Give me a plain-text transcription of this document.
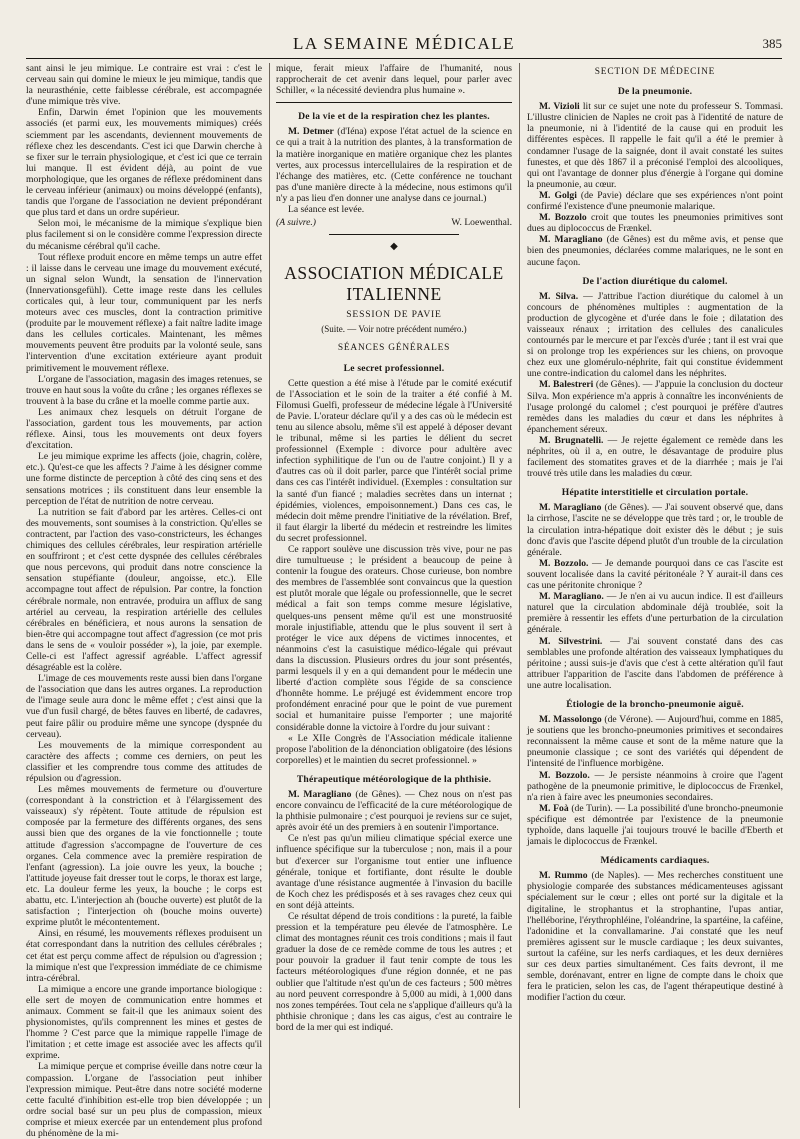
LA SEMAINE MÉDICALE	385

sant ainsi le jeu mimique. Le contraire est vrai : c'est le cerveau sain qui domine le mieux le jeu mimique, tandis que la neurasthénie, cette faiblesse cérébrale, est accompagnée d'une mimique très vive.

Enfin, Darwin émet l'opinion que les mouvements associés (et parmi eux, les mouvements mimiques) créés sciemment par les ascendants, deviennent mouvements de réflexe chez les descendants. C'est ici que Darwin cherche à se fixer sur le terrain physiologique, et c'est ici que ce terrain lui manque. Il est évident déjà, au point de vue morphologique, que les organes de réflexe prédominent dans le cerveau inférieur (animaux) ou moins développé (enfants), tandis que l'organe de l'association ne devient prépondérant que plus tard et dans un ordre supérieur.

Selon moi, le mécanisme de la mimique s'explique bien plus facilement si on le considère comme l'expression directe du mécanisme cérébral qu'il cache.

Tout réflexe produit encore en même temps un autre effet : il laisse dans le cerveau une image du mouvement exécuté, un signal selon Wundt, la sensation de l'innervation (Innervationsgefühl). Cette image reste dans les cellules corticales qui, à leur tour, communiquent par les nerfs moteurs avec ces muscles, dont la contraction primitive (produite par le mouvement réflexe) a fait naître ladite image dans les cellules corticales. Maintenant, les mêmes mouvements peuvent être produits par la volonté seule, sans l'intervention d'une excitation extérieure ayant produit primitivement le mouvement réflexe.

L'organe de l'association, magasin des images retenues, se trouve en haut sous la voûte du crâne ; les organes réflexes se trouvent à la base du crâne et la moelle comme partie aux.

Les animaux chez lesquels on détruit l'organe de l'association, gardent tous les mouvements, par action réflexe. Ainsi, tous les mouvements ont deux foyers d'excitation.

Le jeu mimique exprime les affects (joie, chagrin, colère, etc.). Qu'est-ce que les affects ? J'aime à les désigner comme une forme distincte de perception à côté des cinq sens et des sensations motrices ; ils constituent dans leur ensemble la perception de l'état de nutrition de notre cerveau.

La nutrition se fait d'abord par les artères. Celles-ci ont des mouvements, sont soumises à la constriction. Qu'elles se contractent, par l'action des vaso-constricteurs, les échanges chimiques des cellules cérébrales, leur respiration artérielle en souffriront ; et c'est cette dyspnée des cellules cérébrales que nous percevons, qui produit dans notre conscience la sensation stupéfiante (douleur, angoisse, etc.). Elle accompagne tout affect de répulsion. Par contre, la fonction cérébrale normale, non entravée, produira un afflux de sang artériel au cerveau, la respiration artérielle des cellules cérébrales en bénéficiera, et nous aurons la sensation de bien-être qui accompagne tout affect d'agression (ce mot pris dans le sens de « vouloir posséder »), la joie, par exemple. Celle-ci est l'affect agressif agréable. L'affect agressif désagréable est la colère.

L'image de ces mouvements reste aussi bien dans l'organe de l'association que dans les autres organes. La reproduction de l'image seule aura donc le même effet ; c'est ainsi que la vue d'un fusil chargé, de bêtes fauves en liberté, de cadavres, peut faire pâlir ou produire même une syncope (dyspnée du cerveau).

Les mouvements de la mimique correspondent au caractère des affects ; comme ces derniers, on peut les classifier et les comprendre tous comme des attitudes de répulsion ou d'agression.

Les mêmes mouvements de fermeture ou d'ouverture (correspondant à la constriction et à l'élargissement des vaisseaux) s'y répètent. Toute attitude de répulsion est composée par la fermeture des différents organes, des sens aussi bien que des organes de la vie fonctionnelle ; toute attitude d'agression s'accompagne de l'ouverture de ces organes. Cela commence avec la première respiration de l'enfant (agression). La joie ouvre les yeux, la bouche ; l'attitude joyeuse fait dresser tout le corps, le thorax est large, etc. La douleur ferme les yeux, la bouche ; le corps est abattu, etc. L'interjection ah (bouche ouverte) est plutôt de la satisfaction ; l'interjection oh (bouche moins ouverte) exprime plutôt le mécontentement.

Ainsi, en résumé, les mouvements réflexes produisent un état correspondant dans la nutrition des cellules cérébrales ; cet état est perçu comme affect de répulsion ou d'agression ; la mimique n'est que l'expression immédiate de ce chimisme intra-cérébral.

La mimique a encore une grande importance biologique : elle sert de moyen de communication entre hommes et animaux. Comment se fait-il que les animaux soient des physionomistes, qu'ils comprennent les mines et gestes de l'homme ? C'est parce que la mimique rappelle l'image de l'imitation ; et cette image est associée avec les affects qu'il exprime.

La mimique perçue et comprise éveille dans notre cœur la compassion. L'organe de l'association peut inhiber l'expression mimique. Peut-être dans notre société moderne cette faculté d'inhibition est-elle trop bien développée ; un ordre social basé sur un peu plus de compassion, mieux comprise et mieux exercée par un entendement plus profond du phénomène de la mi-

mique, ferait mieux l'affaire de l'humanité, nous rapprocherait de cet avenir dans lequel, pour parler avec Schiller, « la nécessité deviendra plus humaine ».

De la vie et de la respiration chez les plantes.

M. Detmer (d'Iéna) expose l'état actuel de la science en ce qui a trait à la nutrition des plantes, à la transformation de la matière inorganique en matière organique chez les plantes vertes, aux processus intercellulaires de la respiration et de l'échange des matières, etc. (Cette conférence ne touchant pas d'une manière directe à la médecine, nous estimons qu'il n'y a pas lieu d'en donner une analyse dans ce journal.)

La séance est levée.

(A suivre.)	W. Loewenthal.
◆
ASSOCIATION MÉDICALE ITALIENNE
SESSION DE PAVIE
(Suite. — Voir notre précédent numéro.)
SÉANCES GÉNÉRALES
Le secret professionnel.

Cette question a été mise à l'étude par le comité exécutif de l'Association et le soin de la traiter a été confié à M. Filomusi Guelfi, professeur de médecine légale à l'Université de Pavie. L'orateur déclare qu'il y a des cas où le médecin est tenu au silence absolu, même s'il est appelé à déposer devant le tribunal, même si les parties le délient du secret professionnel (Exemple : divorce pour adultère avec infection syphilitique de l'un ou de l'autre conjoint.) Il y a d'autres cas où il doit parler, parce que l'intérêt social prime dans ces cas l'intérêt individuel. (Exemples : consultation sur la santé d'un fiancé ; maladies secrètes dans un internat ; épidémies, violences, empoisonnement.) Dans ces cas, le médecin doit même prendre l'initiative de la révélation. Bref, il faut élargir la liberté du médecin et restreindre les limites du secret professionnel.

Ce rapport soulève une discussion très vive, pour ne pas dire tumultueuse ; le président a beaucoup de peine à contenir la fougue des orateurs. Chose curieuse, bon nombre des membres de l'assemblée sont convaincus que la question est plutôt morale que légale ou professionnelle, que le secret médical a fait son temps comme mesure législative, quelques-uns pensent même qu'il est une monstruosité morale injustifiable, attendu que le plus souvent il sert à protéger le vice aux dépens de victimes innocentes, et néanmoins c'est la casuistique médico-légale qui prévaut dans la discussion. Plusieurs ordres du jour sont présentés, parmi lesquels il y en a qui demandent pour le médecin une liberté d'action complète sous l'égide de sa conscience d'honnête homme. Le préjugé est évidemment encore trop profondément enraciné pour que le point de vue purement social et humanitaire puisse l'emporter ; une majorité considérable donne la victoire à l'ordre du jour suivant :

« Le XIIe Congrès de l'Association médicale italienne propose l'abolition de la dénonciation obligatoire (des lésions corporelles) et le maintien du secret professionnel. »

Thérapeutique météorologique de la phthisie.

M. Maragliano (de Gênes). — Chez nous on n'est pas encore convaincu de l'efficacité de la cure météorologique de la phthisie pulmonaire ; c'est pourquoi je reviens sur ce sujet, après avoir été un des premiers à en soutenir l'importance.

Ce n'est pas qu'un milieu climatique spécial exerce une influence spécifique sur la tuberculose ; non, mais il a pour but d'exercer sur l'organisme tout entier une influence générale, tonique et fortifiante, dont résulte le double avantage d'une résistance augmentée à l'invasion du bacille de Koch chez les prédisposés et à ses ravages chez ceux qui en sont déjà atteints.

Ce résultat dépend de trois conditions : la pureté, la faible pression et la température peu élevée de l'atmosphère. Le climat des montagnes réunit ces trois conditions ; mais il faut graduer la dose de ce remède comme de tous les autres ; et pour pouvoir la graduer il faut tenir compte de tous les facteurs météorologiques d'une région donnée, et ne pas oublier que l'altitude n'est qu'un de ces facteurs ; 500 mètres au nord peuvent correspondre à 5,000 au midi, à 1,000 dans nos zones tempérées. Tout cela ne s'applique d'ailleurs qu'à la phthisie chronique ; dans les cas aigus, c'est au contraire le bord de la mer qui est indiqué.

SECTION DE MÉDECINE
De la pneumonie.

M. Vizioli lit sur ce sujet une note du professeur S. Tommasi. L'illustre clinicien de Naples ne croit pas à l'identité de nature de la pneumonie, ni à l'identité de la cause qui en produit les différentes espèces. Il rappelle le fait qu'il a été le premier à condamner l'usage de la saignée, dont il avait constaté les suites funestes, et que dès 1867 il a préconisé l'emploi des alcooliques, qui ont l'avantage de donner plus d'énergie à l'organe qui domine la pneumonie, au cœur.

M. Golgi (de Pavie) déclare que ses expériences n'ont point confirmé l'existence d'une pneumonie malarique.

M. Bozzolo croit que toutes les pneumonies primitives sont dues au diplococcus de Frænkel.

M. Maragliano (de Gênes) est du même avis, et pense que bien des pneumonies, déclarées comme malariques, ne le sont en aucune façon.

De l'action diurétique du calomel.

M. Silva. — J'attribue l'action diurétique du calomel à un concours de phénomènes multiples : augmentation de la production de glycogène et d'urée dans le foie ; dilatation des vaisseaux rénaux ; irritation des cellules des canalicules contournés par le mercure et par l'excès d'urée ; tant il est vrai que si on prolonge trop les expériences sur les chiens, on provoque chez eux une glomérulo-néphrite, fait qui constitue évidemment une contre-indication du calomel dans les néphrites.

M. Balestreri (de Gênes). — J'appuie la conclusion du docteur Silva. Mon expérience m'a appris à connaître les inconvénients de l'usage prolongé du calomel ; c'est pourquoi je préfère d'autres remèdes dans les maladies du cœur et dans les néphrites à épanchement séreux.

M. Brugnatelli. — Je rejette également ce remède dans les néphrites, où il a, en outre, le désavantage de produire plus facilement des stomatites graves et de la diarrhée ; mais je l'ai trouvé très utile dans les maladies du cœur.

Hépatite interstitielle et circulation portale.

M. Maragliano (de Gênes). — J'ai souvent observé que, dans la cirrhose, l'ascite ne se développe que très tard ; or, le trouble de la circulation intra-hépatique doit exister dès le début ; je suis donc d'avis que l'ascite dépend plutôt d'un trouble de la circulation générale.

M. Bozzolo. — Je demande pourquoi dans ce cas l'ascite est souvent localisée dans la cavité péritonéale ? Y aurait-il dans ces cas une péritonite chronique ?

M. Maragliano. — Je n'en ai vu aucun indice. Il est d'ailleurs naturel que la circulation abdominale déjà troublée, soit la première à ressentir les effets d'une perturbation de la circulation générale.

M. Silvestrini. — J'ai souvent constaté dans des cas semblables une profonde altération des vaisseaux lymphatiques du péritoine ; aussi suis-je d'avis que c'est à cette altération qu'il faut attribuer l'apparition de l'ascite dans l'abdomen de préférence à une autre localisation.

Étiologie de la broncho-pneumonie aiguë.

M. Massolongo (de Vérone). — Aujourd'hui, comme en 1885, je soutiens que les broncho-pneumonies primitives et secondaires reconnaissent la même cause et sont de la même nature que la pneumonie classique ; ce sont des variétés qui dépendent de l'intensité de l'influence morbigène.

M. Bozzolo. — Je persiste néanmoins à croire que l'agent pathogène de la pneumonie primitive, le diplococcus de Frænkel, n'a rien à faire avec les pneumonies secondaires.

M. Foà (de Turin). — La possibilité d'une broncho-pneumonie spécifique est démontrée par l'existence de la pneumonie typhoïde, dans laquelle j'ai toujours trouvé le bacille d'Eberth et jamais le diplococcus de Frænkel.

Médicaments cardiaques.

M. Rummo (de Naples). — Mes recherches constituent une physiologie comparée des substances médicamenteuses agissant spécialement sur le cœur ; elles ont porté sur la digitale et la digitaline, le strophantus et la strophantine, l'upas antiar, l'helléborine, l'érythrophléine, l'oléandrine, la spartéine, la caféine, l'adonidine et la convallamarine. J'ai constaté que les neuf premières agissent sur le muscle cardiaque ; les deux suivantes, surtout la caféine, sur les nerfs cardiaques, et les deux dernières sur ces deux parties simultanément. Ces faits devront, il me semble, dorénavant, entrer en ligne de compte dans le choix que fera le praticien, selon les cas, de l'agent thérapeutique destiné à modifier l'action du cœur.
